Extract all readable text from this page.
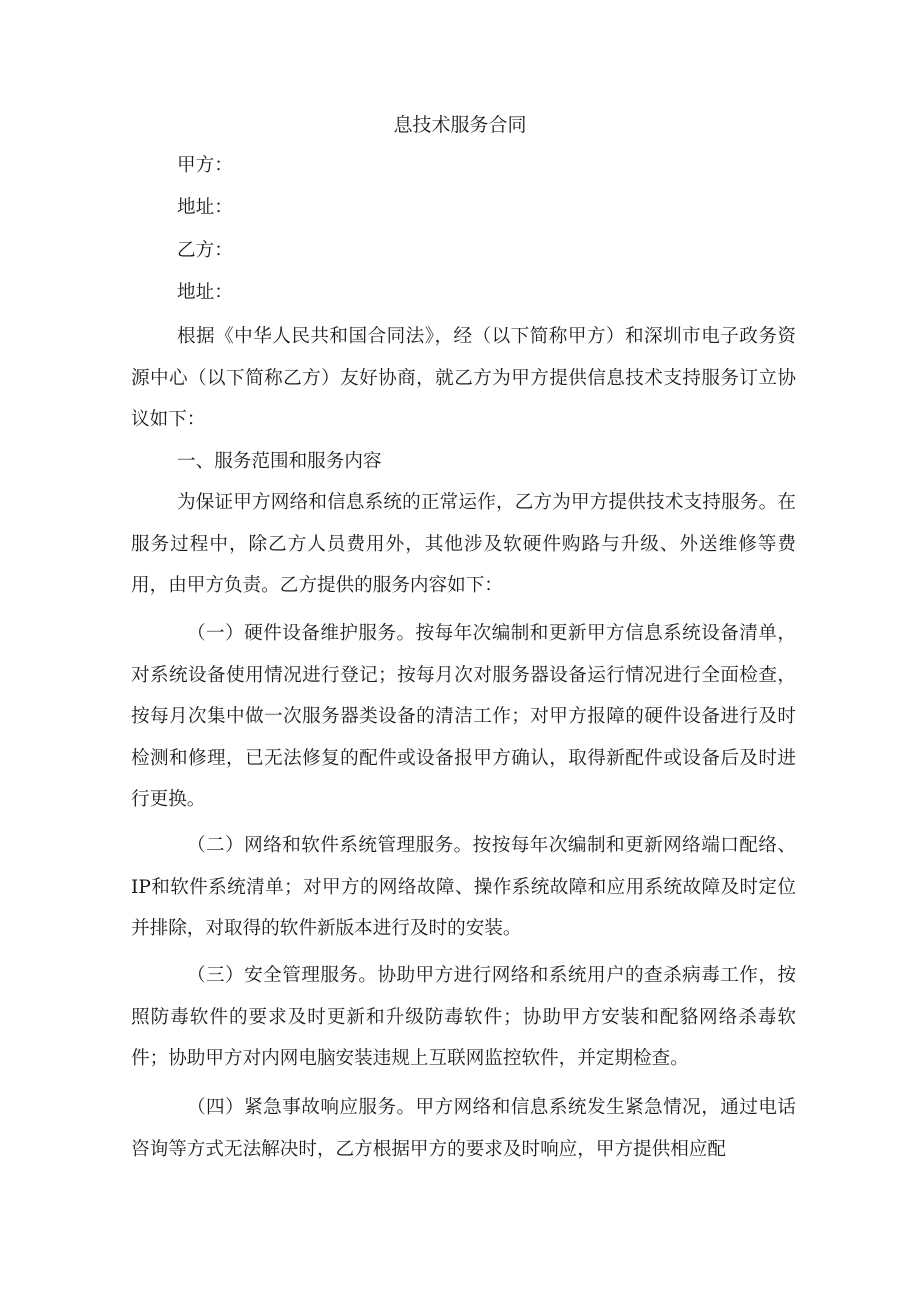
息技术服务合同
甲方：
地址：
乙方：
地址：

根据《中华人民共和国合同法》，经（以下简称甲方）和深圳市电子政务资源中心（以下简称乙方）友好协商，就乙方为甲方提供信息技术支持服务订立协议如下：

一、服务范围和服务内容

为保证甲方网络和信息系统的正常运作，乙方为甲方提供技术支持服务。在服务过程中，除乙方人员费用外，其他涉及软硬件购路与升级、外送维修等费用，由甲方负责。乙方提供的服务内容如下：

（一）硬件设备维护服务。按每年次编制和更新甲方信息系统设备清单，对系统设备使用情况进行登记；按每月次对服务器设备运行情况进行全面检查，按每月次集中做一次服务器类设备的清洁工作；对甲方报障的硬件设备进行及时检测和修理，已无法修复的配件或设备报甲方确认，取得新配件或设备后及时进行更换。

（二）网络和软件系统管理服务。按按每年次编制和更新网络端口配络、IP和软件系统清单；对甲方的网络故障、操作系统故障和应用系统故障及时定位并排除，对取得的软件新版本进行及时的安装。

（三）安全管理服务。协助甲方进行网络和系统用户的查杀病毒工作，按照防毒软件的要求及时更新和升级防毒软件；协助甲方安装和配貉网络杀毒软件；协助甲方对内网电脑安装违规上互联网监控软件，并定期检查。

（四）紧急事故响应服务。甲方网络和信息系统发生紧急情况，通过电话咨询等方式无法解决时，乙方根据甲方的要求及时响应，甲方提供相应配
